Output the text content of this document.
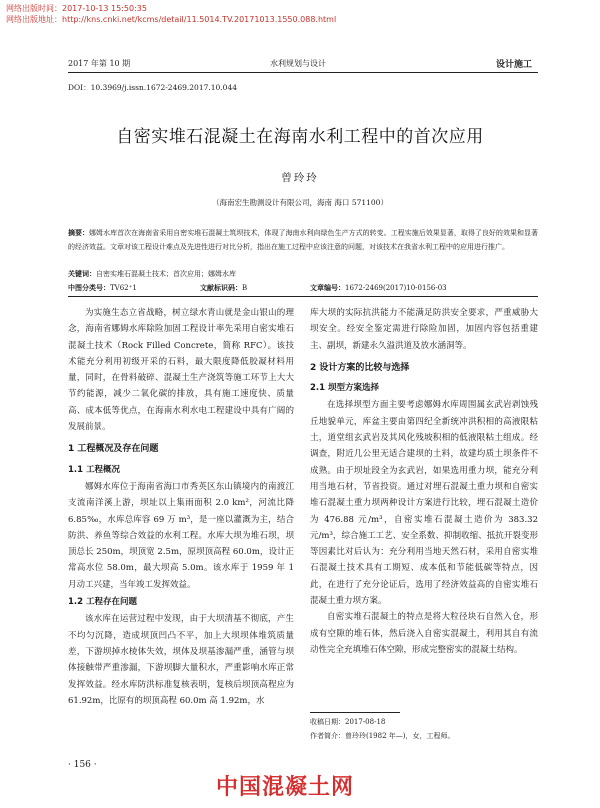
网络出版时间：2017-10-13 15:50:35
网络出版地址：http://kns.cnki.net/kcms/detail/11.5014.TV.20171013.1550.088.html
2017 年第 10 期	水利规划与设计	设计施工
DOI：10.3969/j.issn.1672-2469.2017.10.044
自密实堆石混凝土在海南水利工程中的首次应用
曾玲玲
（海南宏生勘测设计有限公司，海南 海口 571100）
摘要：娜姆水库首次在海南省采用自密实堆石混凝土筑坝技术，体现了海南水利向绿色生产方式的转变。工程实施后效果显著，取得了良好的效果和显著的经济效益。文章对该工程设计难点及先进性进行对比分析，指出在施工过程中应该注意的问题，对该技术在我省水利工程中的应用进行推广。
关键词：自密实堆石混凝土技术；首次应用；娜姆水库
中图分类号：TV62⁺1	文献标识码：B	文章编号：1672-2469(2017)10-0156-03

为实施生态立省战略，树立绿水青山就是金山银山的理念，海南省娜姆水库除险加固工程设计率先采用自密实堆石混凝土技术（Rock Filled Concrete，简称 RFC）。该技术能充分利用初级开采的石料，最大限度降低胶凝材料用量，同时，在骨料破碎、混凝土生产浇筑等施工环节上大大节约能源，减少二氧化碳的排放，具有施工速度快、质量高、成本低等优点，在海南水利水电工程建设中具有广阔的发展前景。

1 工程概况及存在问题
1.1 工程概况

娜姆水库位于海南省海口市秀英区东山镇境内的南渡江支流南洋溪上游，坝址以上集雨面积 2.0 km²，河流比降 6.85‰，水库总库容 69 万 m³，是一座以灌溉为主，结合防洪、养鱼等综合效益的水利工程。水库大坝为堆石坝，坝顶总长 250m，坝顶宽 2.5m，原坝顶高程 60.0m，设计正常高水位 58.0m，最大坝高 5.0m。该水库于 1959 年 1 月动工兴建，当年竣工发挥效益。

1.2 工程存在问题

该水库在运营过程中发现，由于大坝清基不彻底，产生不均匀沉降，造成坝顶凹凸不平，加上大坝坝体堆筑质量差，下游坝掉水棱体失效，坝体及坝基渗漏严重，涵管与坝体接触带严重渗漏，下游坝脚大量积水，严重影响水库正常发挥效益。经水库防洪标准复核表明，复核后坝顶高程应为 61.92m，比原有的坝顶高程 60.0m 高 1.92m，水

库大坝的实际抗洪能力不能满足防洪安全要求，严重威胁大坝安全。经安全鉴定需进行除险加固，加固内容包括重建主、副坝，新建永久溢洪道及放水涵洞等。

2 设计方案的比较与选择
2.1 坝型方案选择

在选择坝型方面主要考虑娜姆水库周围属玄武岩剥蚀残丘地貌单元，库盆主要由第四纪全新统冲洪积相的高液限粘土，道堂组玄武岩及其风化残坡积相的低液限粘土组成。经调查，附近几公里无适合建坝的土料，故建均质土坝条件不成熟。由于坝址段全为玄武岩，如果选用重力坝，能充分利用当地石材，节省投资。通过对埋石混凝土重力坝和自密实堆石混凝土重力坝两种设计方案进行比较，埋石混凝土造价为 476.88 元/m³，自密实堆石混凝土造价为 383.32 元/m³，综合施工工艺、安全系数、抑制收缩、抵抗开裂变形等因素比对后认为：充分利用当地天然石材，采用自密实堆石混凝土技术具有工期短、成本低和节能低碳等特点，因此，在进行了充分论证后，选用了经济效益高的自密实堆石混凝土重力坝方案。

自密实堆石混凝土的特点是将大粒径块石自然入仓，形成有空隙的堆石体，然后浇入自密实混凝土，利用其自有流动性完全充填堆石体空隙，形成完整密实的混凝土结构。

收稿日期：2017-08-18
作者简介：曾玲玲(1982 年—)，女，工程师。
· 156 ·
中国混凝土网
